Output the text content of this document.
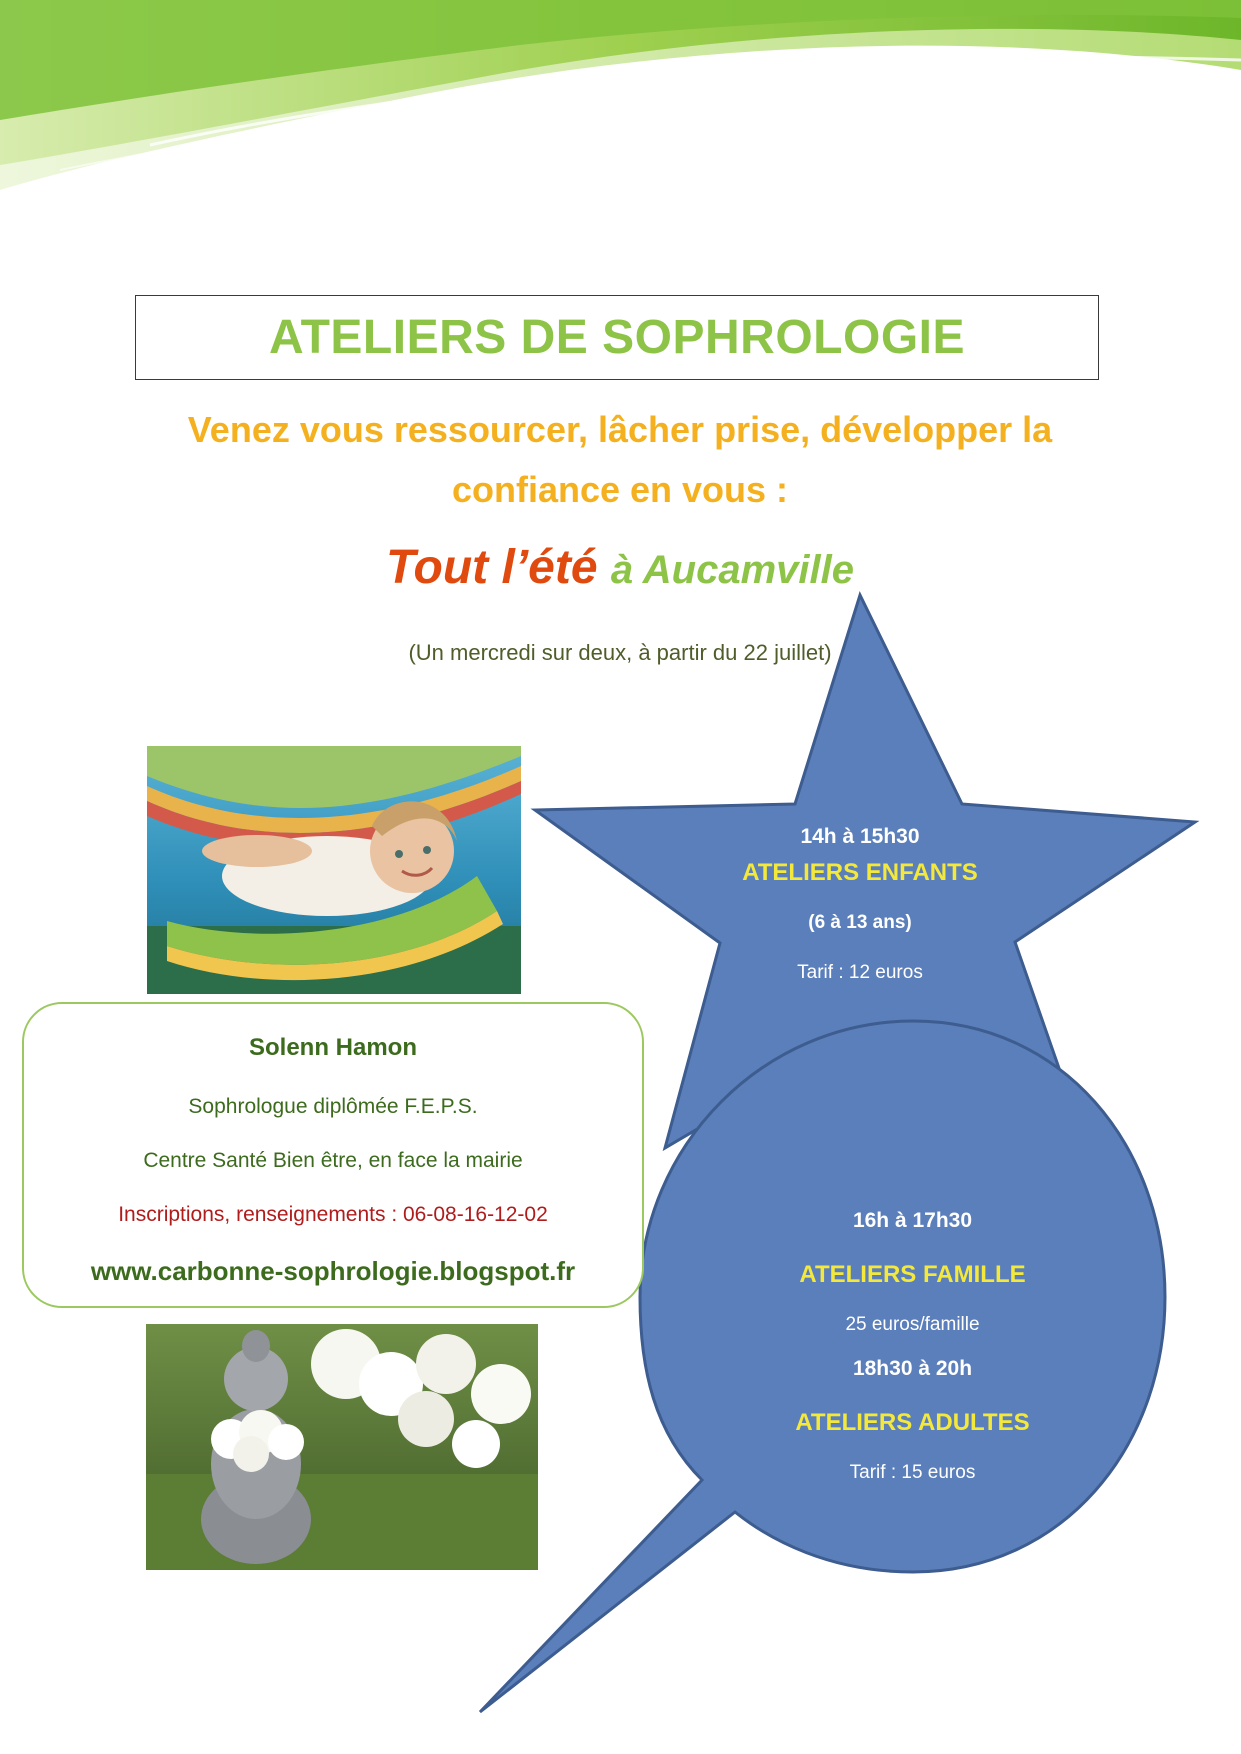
ATELIERS DE SOPHROLOGIE
Venez vous ressourcer, lâcher prise, développer la
confiance en vous :
Tout l’été à Aucamville
(Un mercredi sur deux, à partir du 22 juillet)
14h à 15h30
ATELIERS ENFANTS
(6 à 13 ans)
Tarif : 12 euros
16h à 17h30
ATELIERS FAMILLE
25 euros/famille
18h30 à 20h
ATELIERS ADULTES
Tarif : 15 euros
Solenn Hamon
Sophrologue diplômée F.E.P.S.
Centre Santé Bien être, en face la mairie
Inscriptions, renseignements : 06-08-16-12-02
www.carbonne-sophrologie.blogspot.fr
